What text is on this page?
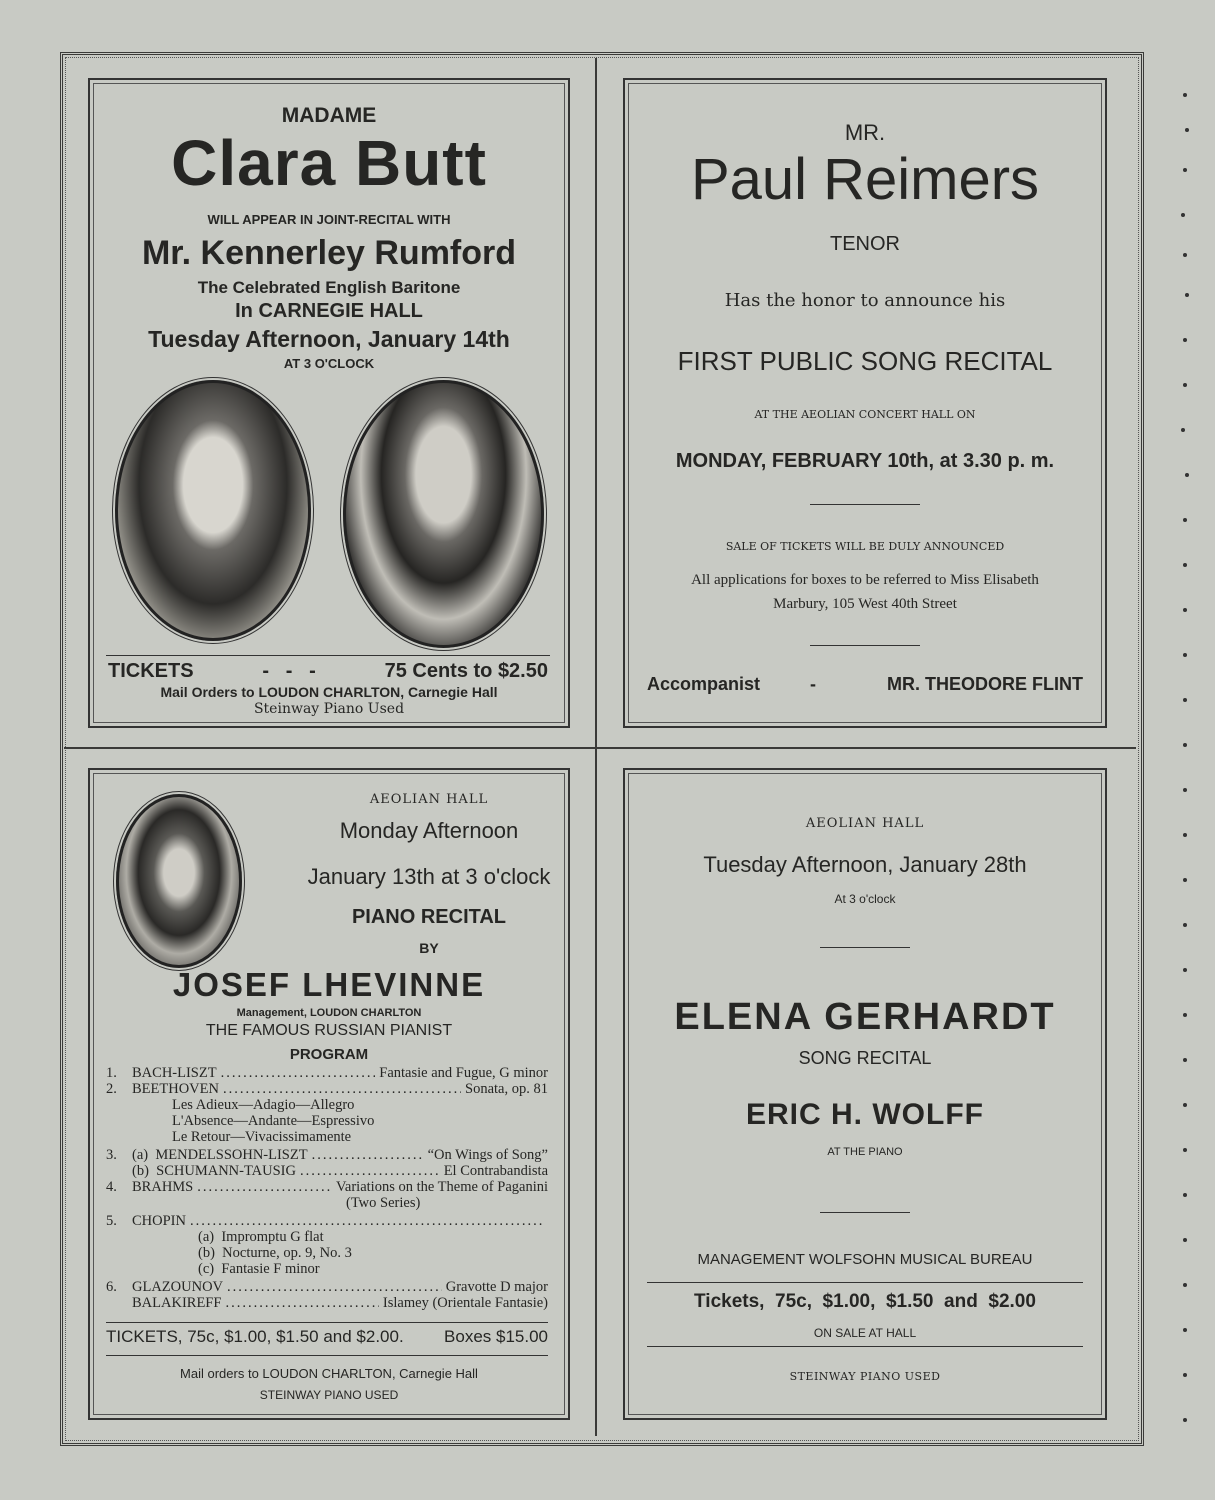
MADAME
Clara Butt
WILL APPEAR IN JOINT-RECITAL WITH
Mr. Kennerley Rumford
The Celebrated English Baritone
In CARNEGIE HALL
Tuesday Afternoon, January 14th
AT 3 O'CLOCK
TICKETS	-   -   -	75 Cents to $2.50
Mail Orders to LOUDON CHARLTON, Carnegie Hall
Steinway Piano Used
MR.
Paul Reimers
TENOR
Has the honor to announce his
FIRST PUBLIC SONG RECITAL
AT THE AEOLIAN CONCERT HALL ON
MONDAY, FEBRUARY 10th, at 3.30 p. m.
SALE OF TICKETS WILL BE DULY ANNOUNCED
All applications for boxes to be referred to Miss Elisabeth
Marbury, 105 West 40th Street
Accompanist	-	MR. THEODORE FLINT
AEOLIAN HALL
Monday Afternoon
January 13th at 3 o'clock
PIANO RECITAL
BY
JOSEF LHEVINNE
Management, LOUDON CHARLTON
THE FAMOUS RUSSIAN PIANIST
PROGRAM
1.	BACH-LISZT .....	Fantasie and Fugue, G minor
2.	BEETHOVEN .....	Sonata, op. 81
Les Adieux—Adagio—Allegro
L'Absence—Andante—Espressivo
Le Retour—Vivacissimamente
3.	(a)  MENDELSSOHN-LISZT .....	“On Wings of Song”
(b)  SCHUMANN-TAUSIG .....	El Contrabandista
4.	BRAHMS .....	Variations on the Theme of Paganini
(Two Series)
5.	CHOPIN
.....
(a)  Impromptu G flat
(b)  Nocturne, op. 9, No. 3
(c)  Fantasie F minor
6.	GLAZOUNOV .....	Gravotte D major
BALAKIREFF .....	Islamey (Orientale Fantasie)
TICKETS, 75c, $1.00, $1.50 and $2.00. Boxes $15.00
Mail orders to LOUDON CHARLTON, Carnegie Hall
STEINWAY PIANO USED
AEOLIAN HALL
Tuesday Afternoon, January 28th
At 3 o'clock
ELENA GERHARDT
SONG RECITAL
ERIC H. WOLFF
AT THE PIANO
MANAGEMENT WOLFSOHN MUSICAL BUREAU
Tickets,  75c,  $1.00,  $1.50  and  $2.00
ON SALE AT HALL
STEINWAY PIANO USED
